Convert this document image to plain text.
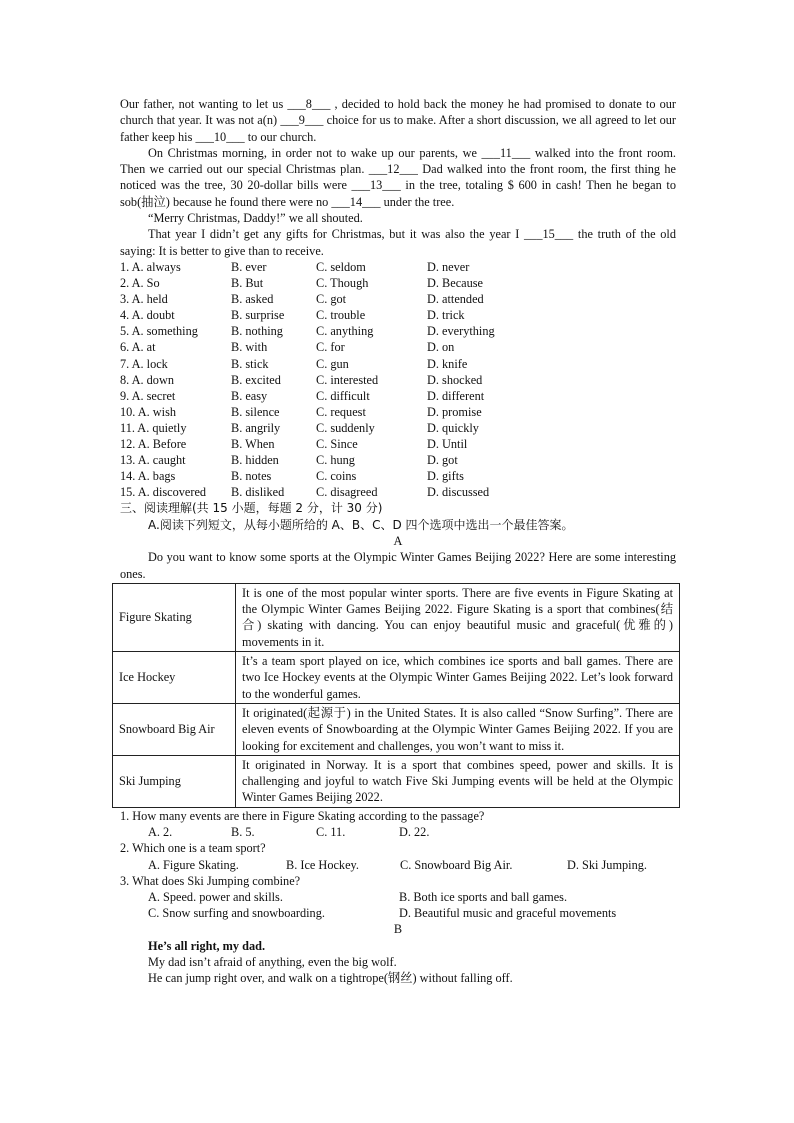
Our father, not wanting to let us ___8___ , decided to hold back the money he had promised to donate to our church that year. It was not a(n) ___9___ choice for us to make. After a short discussion, we all agreed to let our father keep his ___10___ to our church.

On Christmas morning, in order not to wake up our parents, we ___11___ walked into the front room. Then we carried out our special Christmas plan. ___12___ Dad walked into the front room, the first thing he noticed was the tree, 30 20-dollar bills were ___13___ in the tree, totaling $ 600 in cash! Then he began to sob(抽泣) because he found there were no ___14___ under the tree.

“Merry Christmas, Daddy!” we all shouted.

That year I didn’t get any gifts for Christmas, but it was also the year I ___15___ the truth of the old saying: It is better to give than to receive.

1. A. always	B. ever	C. seldom	D. never
2. A. So	B. But	C. Though	D. Because
3. A. held	B. asked	C. got	D. attended
4. A. doubt	B. surprise	C. trouble	D. trick
5. A. something	B. nothing	C. anything	D. everything
6. A. at	B. with	C. for	D. on
7. A. lock	B. stick	C. gun	D. knife
8. A. down	B. excited	C. interested	D. shocked
9. A. secret	B. easy	C. difficult	D. different
10. A. wish	B. silence	C. request	D. promise
11. A. quietly	B. angrily	C. suddenly	D. quickly
12. A. Before	B. When	C. Since	D. Until
13. A. caught	B. hidden	C. hung	D. got
14. A. bags	B. notes	C. coins	D. gifts
15. A. discovered B. disliked	C. disagreed	D. discussed

三、阅读理解(共 15 小题，每题 2 分，计 30 分)

A.阅读下列短文，从每小题所给的 A、B、C、D 四个选项中选出一个最佳答案。

A

Do you want to know some sports at the Olympic Winter Games Beijing 2022? Here are some interesting ones.

Figure Skating	It is one of the most popular winter sports. There are five events in Figure Skating at the Olympic Winter Games Beijing 2022. Figure Skating is a sport that combines(结合) skating with dancing. You can enjoy beautiful music and graceful(优雅的) movements in it.
Ice Hockey	It’s a team sport played on ice, which combines ice sports and ball games. There are two Ice Hockey events at the Olympic Winter Games Beijing 2022. Let’s look forward to the wonderful games.
Snowboard Big Air	It originated(起源于) in the United States. It is also called “Snow Surfing”. There are eleven events of Snowboarding at the Olympic Winter Games Beijing 2022. If you are looking for excitement and challenges, you won’t want to miss it.
Ski Jumping	It originated in Norway. It is a sport that combines speed, power and skills. It is challenging and joyful to watch Five Ski Jumping events will be held at the Olympic Winter Games Beijing 2022.

1. How many events are there in Figure Skating according to the passage?

A. 2.	B. 5.	C. 11.	D. 22.

2. Which one is a team sport?

A. Figure Skating.	B. Ice Hockey.	C. Snowboard Big Air.	D. Ski Jumping.

3. What does Ski Jumping combine?

A. Speed. power and skills.	B. Both ice sports and ball games.
C. Snow surfing and snowboarding.	D. Beautiful music and graceful movements

B

He’s all right, my dad.

My dad isn’t afraid of anything, even the big wolf.

He can jump right over, and walk on a tightrope(钢丝) without falling off.
